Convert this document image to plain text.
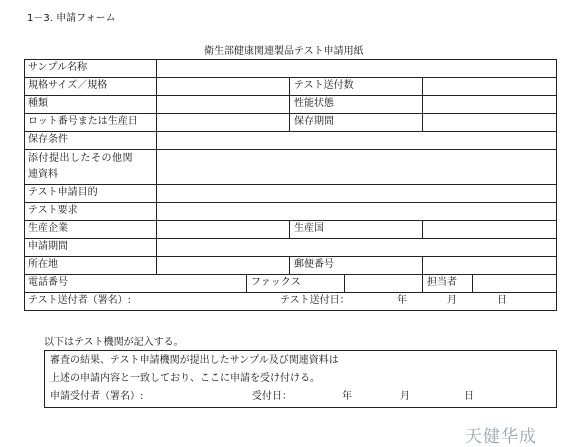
1－3. 申請フォーム
衛生部健康関連製品テスト申請用紙
サンプル名称
規格サイズ／規格	テスト送付数
種類	性能状態
ロット番号または生産日	保存期間
保存条件
添付提出したその他関
連資料
テスト申請目的
テスト要求
生産企業	生産国
申請期間
所在地	郵便番号
電話番号	ファックス	担当者
テスト送付者（署名）:	テスト送付日：	年	月	日
以下はテスト機関が記入する。
審査の結果、テスト申請機関が提出したサンプル及び関連資料は
上述の申請内容と一致しており、ここに申請を受け付ける。
申請受付者（署名）:	受付日：	年	月	日
天健华成
